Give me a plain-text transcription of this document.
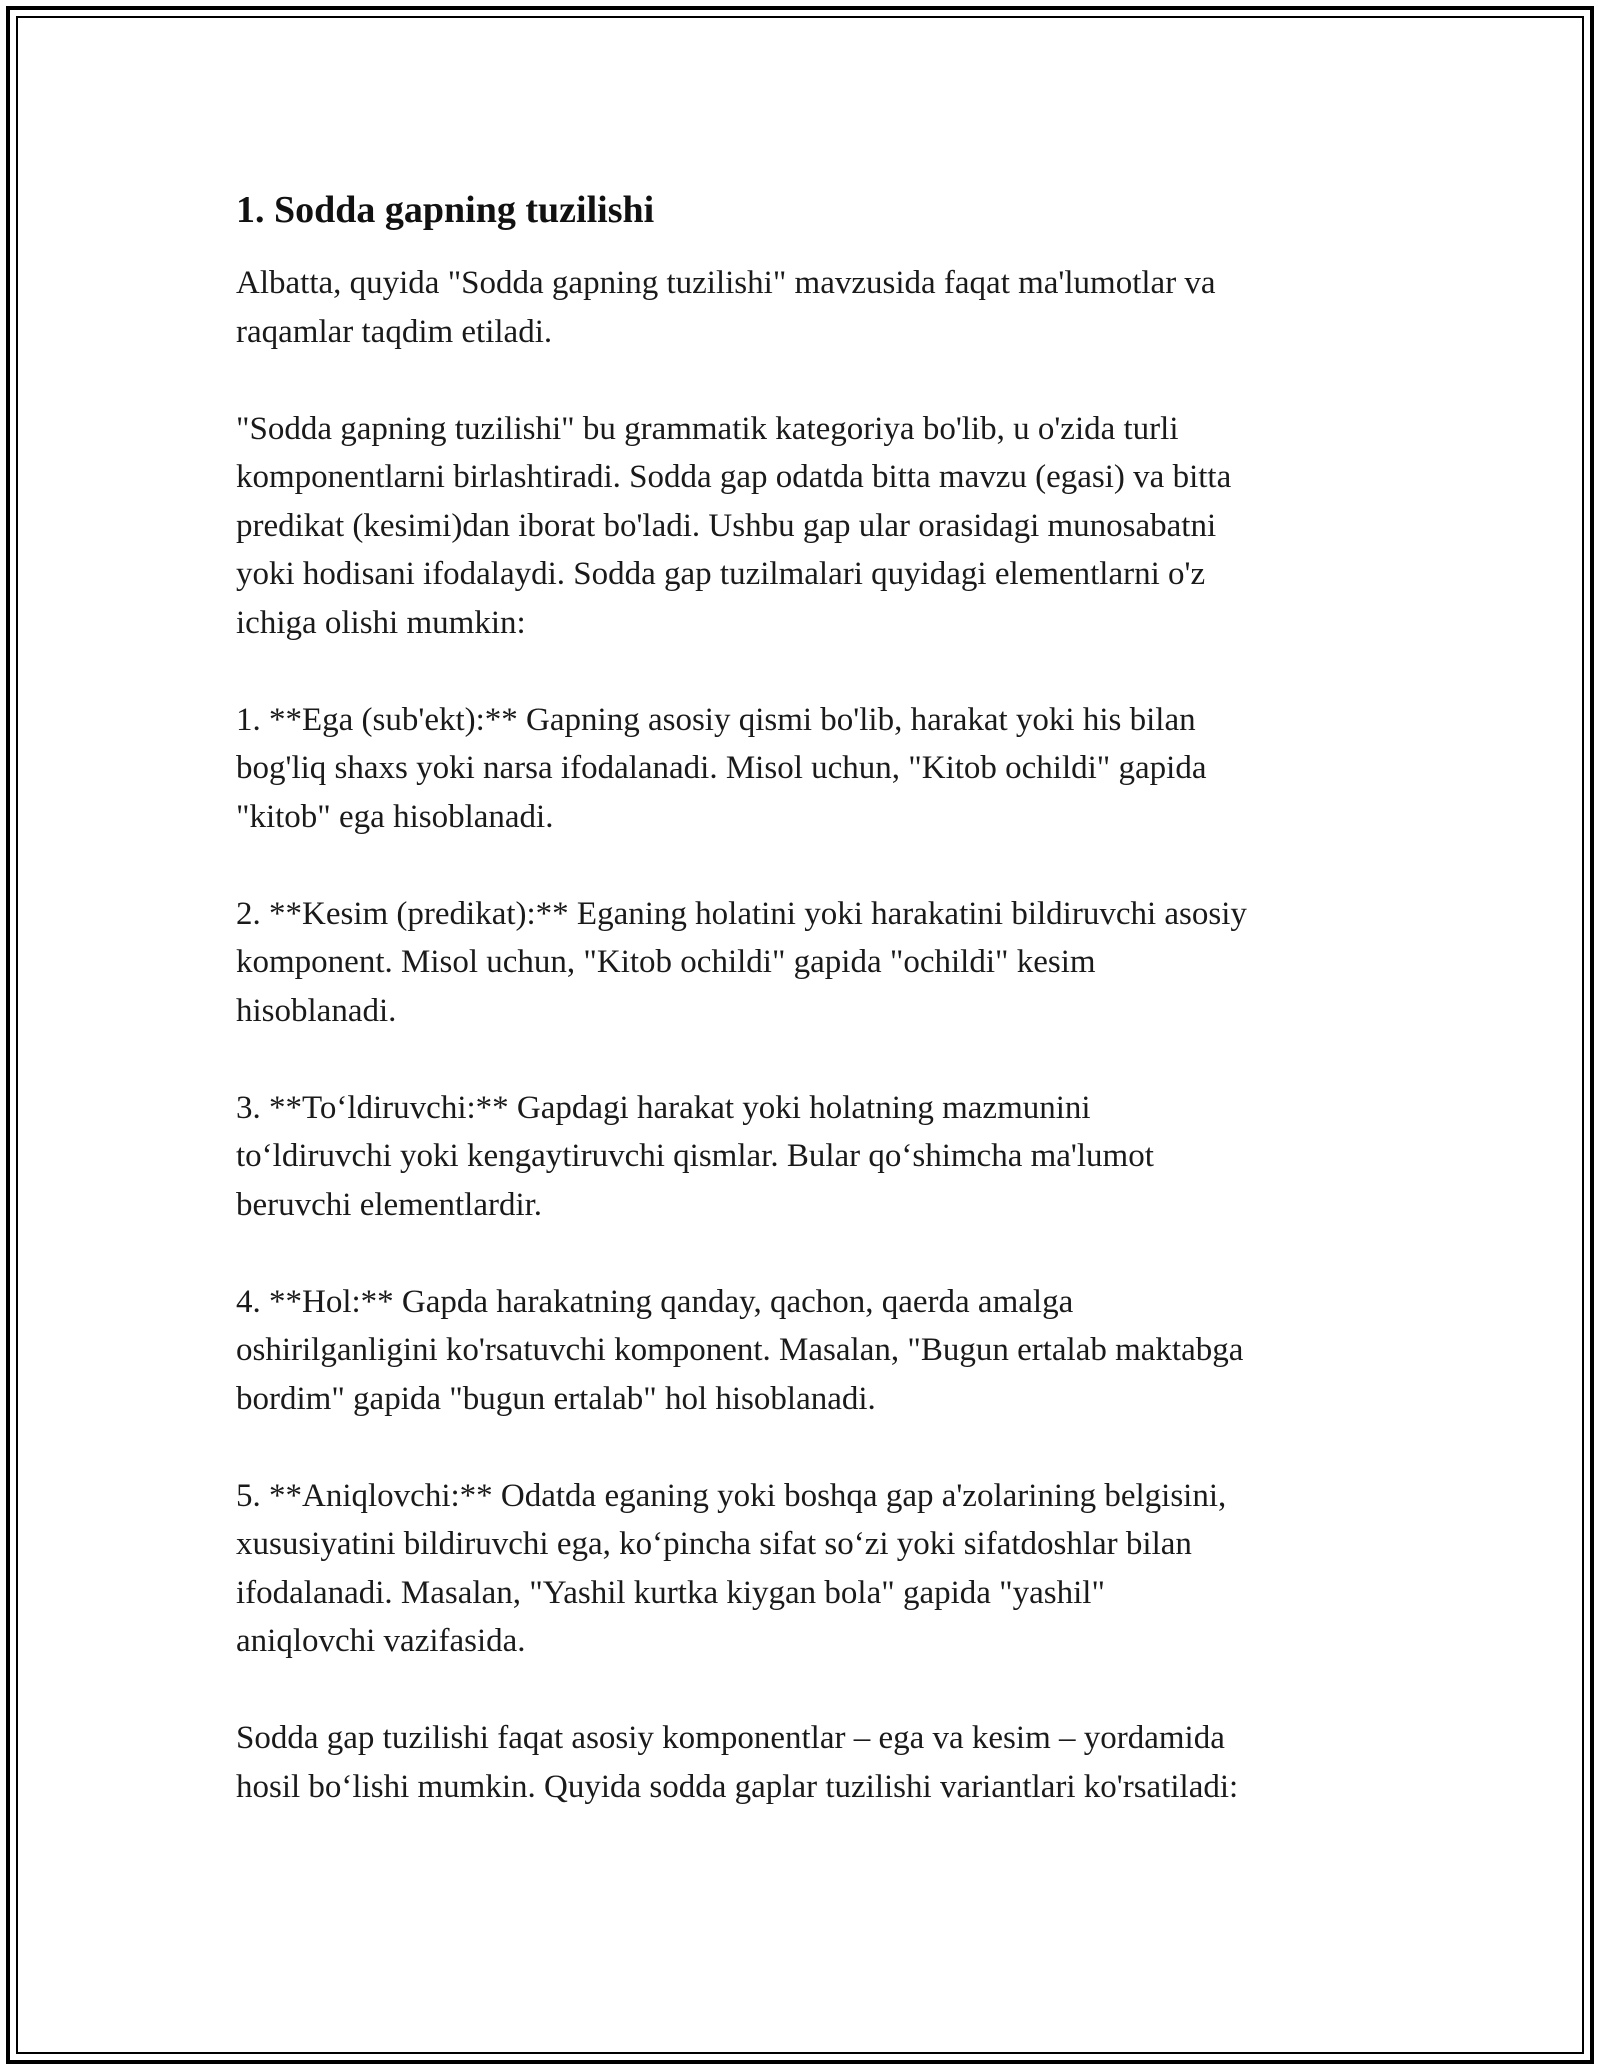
1. Sodda gapning tuzilishi

Albatta, quyida "Sodda gapning tuzilishi" mavzusida faqat ma'lumotlar va
raqamlar taqdim etiladi.

"Sodda gapning tuzilishi" bu grammatik kategoriya bo'lib, u o'zida turli
komponentlarni birlashtiradi. Sodda gap odatda bitta mavzu (egasi) va bitta
predikat (kesimi)dan iborat bo'ladi. Ushbu gap ular orasidagi munosabatni
yoki hodisani ifodalaydi. Sodda gap tuzilmalari quyidagi elementlarni o'z
ichiga olishi mumkin:

1. **Ega (sub'ekt):** Gapning asosiy qismi bo'lib, harakat yoki his bilan
bog'liq shaxs yoki narsa ifodalanadi. Misol uchun, "Kitob ochildi" gapida
"kitob" ega hisoblanadi.

2. **Kesim (predikat):** Eganing holatini yoki harakatini bildiruvchi asosiy
komponent. Misol uchun, "Kitob ochildi" gapida "ochildi" kesim
hisoblanadi.

3. **To‘ldiruvchi:** Gapdagi harakat yoki holatning mazmunini
to‘ldiruvchi yoki kengaytiruvchi qismlar. Bular qo‘shimcha ma'lumot
beruvchi elementlardir.

4. **Hol:** Gapda harakatning qanday, qachon, qaerda amalga
oshirilganligini ko'rsatuvchi komponent. Masalan, "Bugun ertalab maktabga
bordim" gapida "bugun ertalab" hol hisoblanadi.

5. **Aniqlovchi:** Odatda eganing yoki boshqa gap a'zolarining belgisini,
xususiyatini bildiruvchi ega, ko‘pincha sifat so‘zi yoki sifatdoshlar bilan
ifodalanadi. Masalan, "Yashil kurtka kiygan bola" gapida "yashil"
aniqlovchi vazifasida.

Sodda gap tuzilishi faqat asosiy komponentlar – ega va kesim – yordamida
hosil bo‘lishi mumkin. Quyida sodda gaplar tuzilishi variantlari ko'rsatiladi:
